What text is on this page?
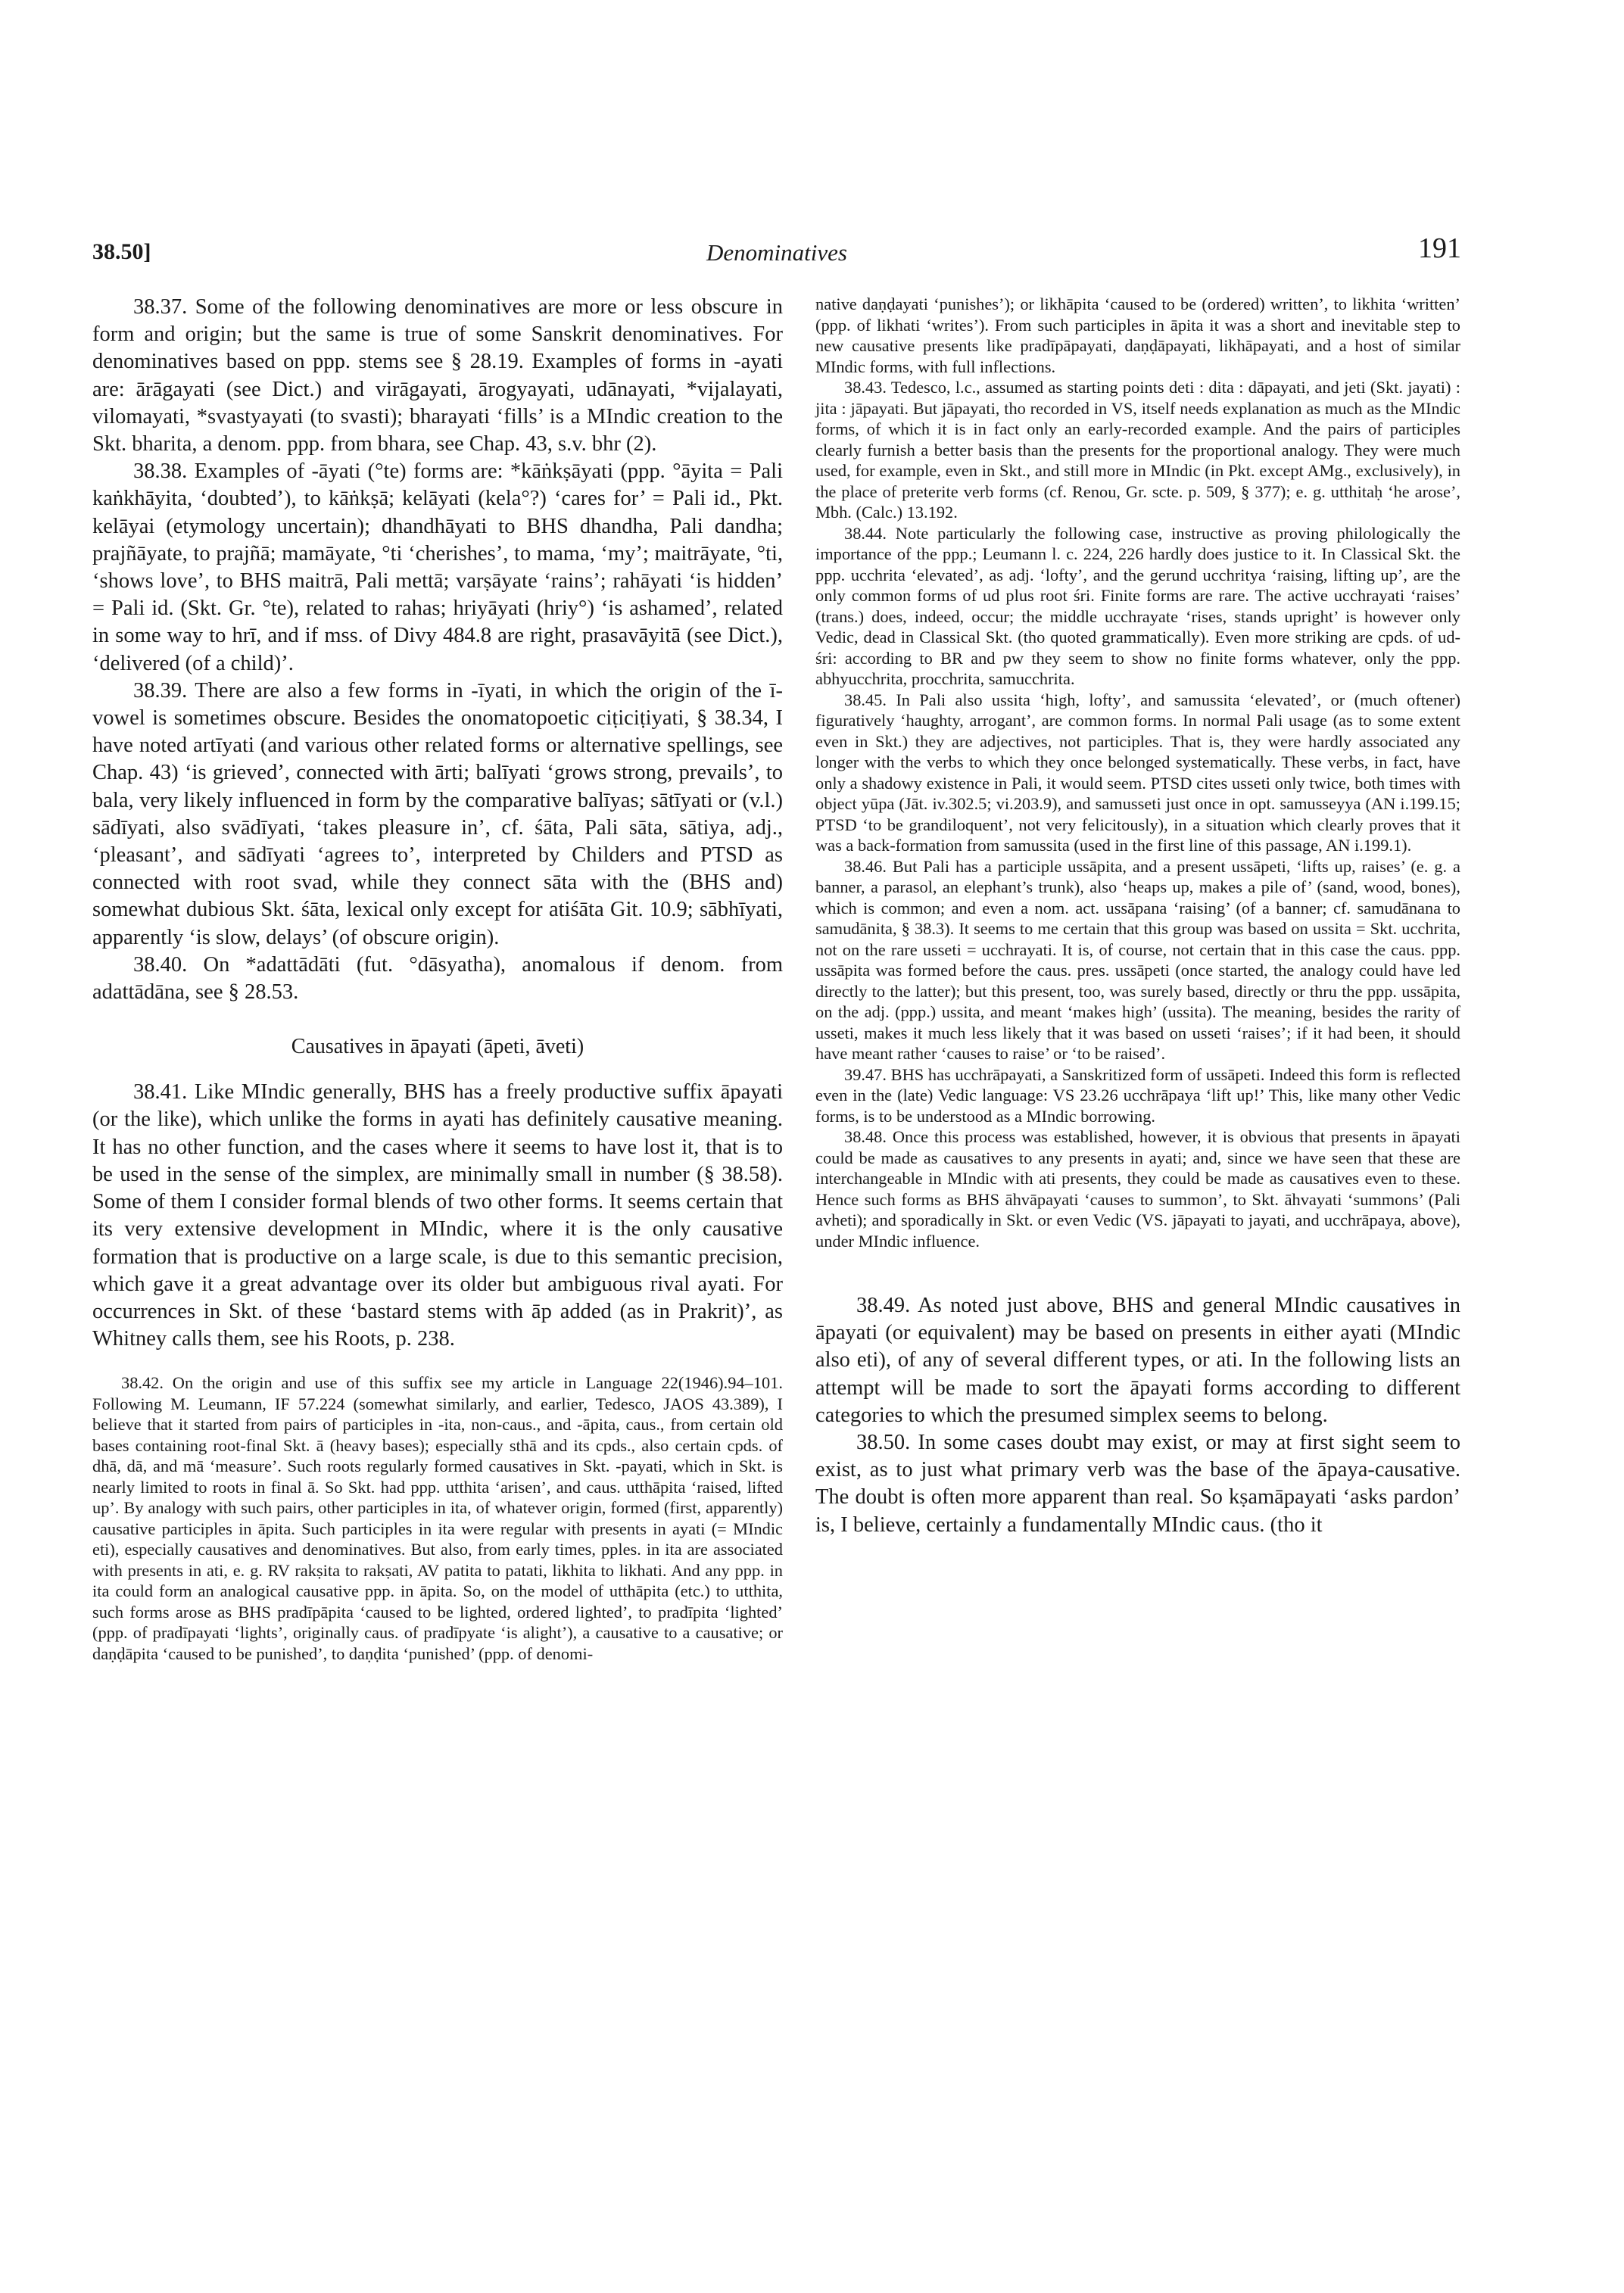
38.50]	Denominatives	191

38.37. Some of the following denominatives are more or less obscure in form and origin; but the same is true of some Sanskrit denominatives. For denominatives based on ppp. stems see § 28.19. Examples of forms in -ayati are: ārāgayati (see Dict.) and virāgayati, ārogyayati, udānayati, *vijalayati, vilomayati, *svastyayati (to svasti); bharayati ‘fills’ is a MIndic creation to the Skt. bharita, a denom. ppp. from bhara, see Chap. 43, s.v. bhr (2).

38.38. Examples of -āyati (°te) forms are: *kāṅkṣāyati (ppp. °āyita = Pali kaṅkhāyita, ‘doubted’), to kāṅkṣā; kelāyati (kela°?) ‘cares for’ = Pali id., Pkt. kelāyai (etymology uncertain); dhandhāyati to BHS dhandha, Pali dandha; prajñāyate, to prajñā; mamāyate, °ti ‘cherishes’, to mama, ‘my’; maitrāyate, °ti, ‘shows love’, to BHS maitrā, Pali mettā; varṣāyate ‘rains’; rahāyati ‘is hidden’ = Pali id. (Skt. Gr. °te), related to rahas; hriyāyati (hriy°) ‘is ashamed’, related in some way to hrī, and if mss. of Divy 484.8 are right, prasavāyitā (see Dict.), ‘delivered (of a child)’.

38.39. There are also a few forms in -īyati, in which the origin of the ī-vowel is sometimes obscure. Besides the onomatopoetic ciṭiciṭiyati, § 38.34, I have noted artīyati (and various other related forms or alternative spellings, see Chap. 43) ‘is grieved’, connected with ārti; balīyati ‘grows strong, prevails’, to bala, very likely influenced in form by the comparative balīyas; sātīyati or (v.l.) sādīyati, also svādīyati, ‘takes pleasure in’, cf. śāta, Pali sāta, sātiya, adj., ‘pleasant’, and sādīyati ‘agrees to’, interpreted by Childers and PTSD as connected with root svad, while they connect sāta with the (BHS and) somewhat dubious Skt. śāta, lexical only except for atiśāta Git. 10.9; sābhīyati, apparently ‘is slow, delays’ (of obscure origin).

38.40. On *adattādāti (fut. °dāsyatha), anomalous if denom. from adattādāna, see § 28.53.

Causatives in āpayati (āpeti, āveti)

38.41. Like MIndic generally, BHS has a freely productive suffix āpayati (or the like), which unlike the forms in ayati has definitely causative meaning. It has no other function, and the cases where it seems to have lost it, that is to be used in the sense of the simplex, are minimally small in number (§ 38.58). Some of them I consider formal blends of two other forms. It seems certain that its very extensive development in MIndic, where it is the only causative formation that is productive on a large scale, is due to this semantic precision, which gave it a great advantage over its older but ambiguous rival ayati. For occurrences in Skt. of these ‘bastard stems with āp added (as in Prakrit)’, as Whitney calls them, see his Roots, p. 238.

38.42. On the origin and use of this suffix see my article in Language 22(1946).94–101. Following M. Leumann, IF 57.224 (somewhat similarly, and earlier, Tedesco, JAOS 43.389), I believe that it started from pairs of participles in -ita, non-caus., and -āpita, caus., from certain old bases containing root-final Skt. ā (heavy bases); especially sthā and its cpds., also certain cpds. of dhā, dā, and mā ‘measure’. Such roots regularly formed causatives in Skt. -payati, which in Skt. is nearly limited to roots in final ā. So Skt. had ppp. utthita ‘arisen’, and caus. utthāpita ‘raised, lifted up’. By analogy with such pairs, other participles in ita, of whatever origin, formed (first, apparently) causative participles in āpita. Such participles in ita were regular with presents in ayati (= MIndic eti), especially causatives and denominatives. But also, from early times, pples. in ita are associated with presents in ati, e. g. RV rakṣita to rakṣati, AV patita to patati, likhita to likhati. And any ppp. in ita could form an analogical causative ppp. in āpita. So, on the model of utthāpita (etc.) to utthita, such forms arose as BHS pradīpāpita ‘caused to be lighted, ordered lighted’, to pradīpita ‘lighted’ (ppp. of pradīpayati ‘lights’, originally caus. of pradīpyate ‘is alight’), a causative to a causative; or daṇḍāpita ‘caused to be punished’, to daṇḍita ‘punished’ (ppp. of denomi-

native daṇḍayati ‘punishes’); or likhāpita ‘caused to be (ordered) written’, to likhita ‘written’ (ppp. of likhati ‘writes’). From such participles in āpita it was a short and inevitable step to new causative presents like pradīpāpayati, daṇḍāpayati, likhāpayati, and a host of similar MIndic forms, with full inflections.

38.43. Tedesco, l.c., assumed as starting points deti : dita : dāpayati, and jeti (Skt. jayati) : jita : jāpayati. But jāpayati, tho recorded in VS, itself needs explanation as much as the MIndic forms, of which it is in fact only an early-recorded example. And the pairs of participles clearly furnish a better basis than the presents for the proportional analogy. They were much used, for example, even in Skt., and still more in MIndic (in Pkt. except AMg., exclusively), in the place of preterite verb forms (cf. Renou, Gr. scte. p. 509, § 377); e. g. utthitaḥ ‘he arose’, Mbh. (Calc.) 13.192.

38.44. Note particularly the following case, instructive as proving philologically the importance of the ppp.; Leumann l. c. 224, 226 hardly does justice to it. In Classical Skt. the ppp. ucchrita ‘elevated’, as adj. ‘lofty’, and the gerund ucchritya ‘raising, lifting up’, are the only common forms of ud plus root śri. Finite forms are rare. The active ucchrayati ‘raises’ (trans.) does, indeed, occur; the middle ucchrayate ‘rises, stands upright’ is however only Vedic, dead in Classical Skt. (tho quoted grammatically). Even more striking are cpds. of ud-śri: according to BR and pw they seem to show no finite forms whatever, only the ppp. abhyucchrita, procchrita, samucchrita.

38.45. In Pali also ussita ‘high, lofty’, and samussita ‘elevated’, or (much oftener) figuratively ‘haughty, arrogant’, are common forms. In normal Pali usage (as to some extent even in Skt.) they are adjectives, not participles. That is, they were hardly associated any longer with the verbs to which they once belonged systematically. These verbs, in fact, have only a shadowy existence in Pali, it would seem. PTSD cites usseti only twice, both times with object yūpa (Jāt. iv.302.5; vi.203.9), and samusseti just once in opt. samusseyya (AN i.199.15; PTSD ‘to be grandiloquent’, not very felicitously), in a situation which clearly proves that it was a back-formation from samussita (used in the first line of this passage, AN i.199.1).

38.46. But Pali has a participle ussāpita, and a present ussāpeti, ‘lifts up, raises’ (e. g. a banner, a parasol, an elephant’s trunk), also ‘heaps up, makes a pile of’ (sand, wood, bones), which is common; and even a nom. act. ussāpana ‘raising’ (of a banner; cf. samudānana to samudānita, § 38.3). It seems to me certain that this group was based on ussita = Skt. ucchrita, not on the rare usseti = ucchrayati. It is, of course, not certain that in this case the caus. ppp. ussāpita was formed before the caus. pres. ussāpeti (once started, the analogy could have led directly to the latter); but this present, too, was surely based, directly or thru the ppp. ussāpita, on the adj. (ppp.) ussita, and meant ‘makes high’ (ussita). The meaning, besides the rarity of usseti, makes it much less likely that it was based on usseti ‘raises’; if it had been, it should have meant rather ‘causes to raise’ or ‘to be raised’.

39.47. BHS has ucchrāpayati, a Sanskritized form of ussāpeti. Indeed this form is reflected even in the (late) Vedic language: VS 23.26 ucchrāpaya ‘lift up!’ This, like many other Vedic forms, is to be understood as a MIndic borrowing.

38.48. Once this process was established, however, it is obvious that presents in āpayati could be made as causatives to any presents in ayati; and, since we have seen that these are interchangeable in MIndic with ati presents, they could be made as causatives even to these. Hence such forms as BHS āhvāpayati ‘causes to summon’, to Skt. āhvayati ‘summons’ (Pali avheti); and sporadically in Skt. or even Vedic (VS. jāpayati to jayati, and ucchrāpaya, above), under MIndic influence.

38.49. As noted just above, BHS and general MIndic causatives in āpayati (or equivalent) may be based on presents in either ayati (MIndic also eti), of any of several different types, or ati. In the following lists an attempt will be made to sort the āpayati forms according to different categories to which the presumed simplex seems to belong.

38.50. In some cases doubt may exist, or may at first sight seem to exist, as to just what primary verb was the base of the āpaya-causative. The doubt is often more apparent than real. So kṣamāpayati ‘asks pardon’ is, I believe, certainly a fundamentally MIndic caus. (tho it
